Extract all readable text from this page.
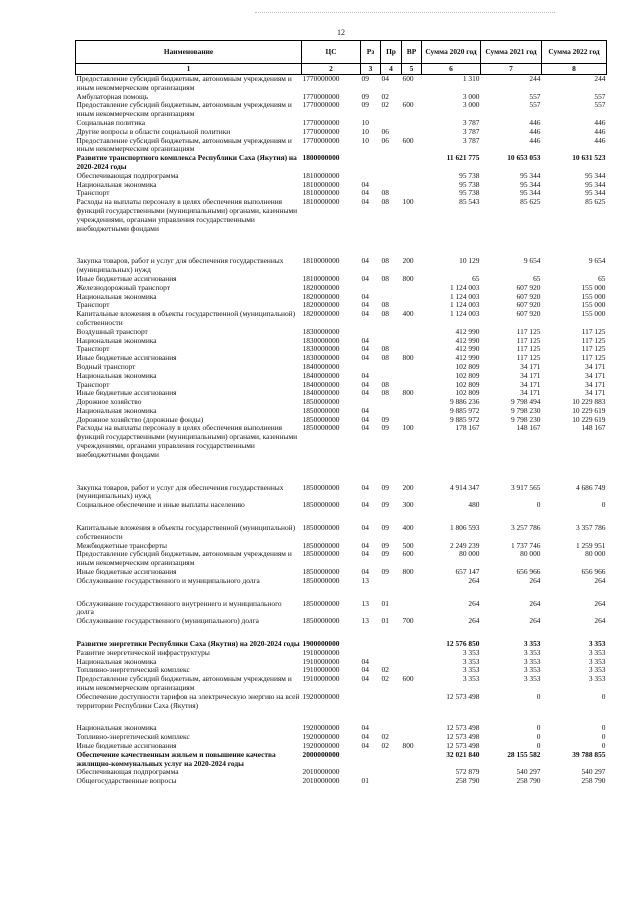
12
Наименование	ЦС	Рз	Пр	ВР	Сумма 2020 год	Сумма 2021 год	Сумма 2022 год
1	2	3	4	5	6	7	8
Предоставление субсидий бюджетным, автономным учреждениям и иным некоммерческим организациям	1770000000	09	04	600	1 310	244	244
Амбулаторная помощь	1770000000	09	02		3 000	557	557
Предоставление субсидий бюджетным, автономным учреждениям и иным некоммерческим организациям	1770000000	09	02	600	3 000	557	557
Социальная политика	1770000000	10			3 787	446	446
Другие вопросы в области социальной политики	1770000000	10	06		3 787	446	446
Предоставление субсидий бюджетным, автономным учреждениям и иным некоммерческим организациям	1770000000	10	06	600	3 787	446	446
Развитие транспортного комплекса Республики Саха (Якутия) на 2020-2024 годы	1800000000				11 621 775	10 653 053	10 631 523
Обеспечивающая подпрограмма	1810000000				95 738	95 344	95 344
Национальная экономика	1810000000	04			95 738	95 344	95 344
Транспорт	1810000000	04	08		95 738	95 344	95 344
Расходы на выплаты персоналу в целях обеспечения выполнения функций государственными (муниципальными) органами, казенными учреждениями, органами управления государственными внебюджетными фондами	1810000000	04	08	100	85 543	85 625	85 625
Закупка товаров, работ и услуг для обеспечения государственных (муниципальных) нужд	1810000000	04	08	200	10 129	9 654	9 654
Иные бюджетные ассигнования	1810000000	04	08	800	65	65	65
Железнодорожный транспорт	1820000000				1 124 003	607 920	155 000
Национальная экономика	1820000000	04			1 124 003	607 920	155 000
Транспорт	1820000000	04	08		1 124 003	607 920	155 000
Капитальные вложения в объекты государственной (муниципальной) собственности	1820000000	04	08	400	1 124 003	607 920	155 000
Воздушный транспорт	1830000000				412 990	117 125	117 125
Национальная экономика	1830000000	04			412 990	117 125	117 125
Транспорт	1830000000	04	08		412 990	117 125	117 125
Иные бюджетные ассигнования	1830000000	04	08	800	412 990	117 125	117 125
Водный транспорт	1840000000				102 809	34 171	34 171
Национальная экономика	1840000000	04			102 809	34 171	34 171
Транспорт	1840000000	04	08		102 809	34 171	34 171
Иные бюджетные ассигнования	1840000000	04	08	800	102 809	34 171	34 171
Дорожное хозяйство	1850000000				9 886 236	9 798 494	10 229 883
Национальная экономика	1850000000	04			9 885 972	9 798 230	10 229 619
Дорожное хозяйство (дорожные фонды)	1850000000	04	09		9 885 972	9 798 230	10 229 619
Расходы на выплаты персоналу в целях обеспечения выполнения функций государственными (муниципальными) органами, казенными учреждениями, органами управления государственными внебюджетными фондами	1850000000	04	09	100	178 167	148 167	148 167
Закупка товаров, работ и услуг для обеспечения государственных (муниципальных) нужд	1850000000	04	09	200	4 914 347	3 917 565	4 686 749
Социальное обеспечение и иные выплаты населению	1850000000	04	09	300	480	0	0
Капитальные вложения в объекты государственной (муниципальной) собственности	1850000000	04	09	400	1 806 593	3 257 786	3 357 786
Межбюджетные трансферты	1850000000	04	09	500	2 249 239	1 737 746	1 259 951
Предоставление субсидий бюджетным, автономным учреждениям и иным некоммерческим организациям	1850000000	04	09	600	80 000	80 000	80 000
Иные бюджетные ассигнования	1850000000	04	09	800	657 147	656 966	656 966
Обслуживание государственного и муниципального долга	1850000000	13			264	264	264
Обслуживание государственного внутреннего и муниципального долга	1850000000	13	01		264	264	264
Обслуживание государственного (муниципального) долга	1850000000	13	01	700	264	264	264
Развитие энергетики Республики Саха (Якутия) на 2020-2024 годы	1900000000				12 576 850	3 353	3 353
Развитие энергетической инфраструктуры	1910000000				3 353	3 353	3 353
Национальная экономика	1910000000	04			3 353	3 353	3 353
Топливно-энергетический комплекс	1910000000	04	02		3 353	3 353	3 353
Предоставление субсидий бюджетным, автономным учреждениям и иным некоммерческим организациям	1910000000	04	02	600	3 353	3 353	3 353
Обеспечение доступности тарифов на электрическую энергию на всей территории Республики Саха (Якутия)	1920000000				12 573 498	0	0
Национальная экономика	1920000000	04			12 573 498	0	0
Топливно-энергетический комплекс	1920000000	04	02		12 573 498	0	0
Иные бюджетные ассигнования	1920000000	04	02	800	12 573 498	0	0
Обеспечение качественным жильем и повышение качества жилищно-коммунальных услуг на 2020-2024 годы	2000000000				32 021 840	28 155 582	39 788 855
Обеспечивающая подпрограмма	2010000000				572 879	540 297	540 297
Общегосударственные вопросы	2010000000	01			258 790	258 790	258 790
